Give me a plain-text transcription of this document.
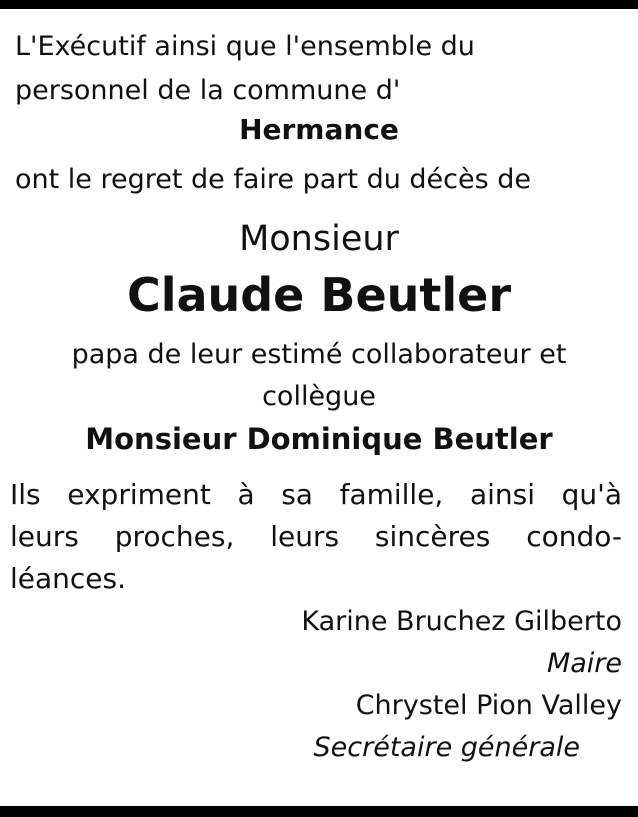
L'Exécutif ainsi que l'ensemble du
personnel de la commune d'
Hermance
ont le regret de faire part du décès de
Monsieur
Claude Beutler
papa de leur estimé collaborateur et
collègue
Monsieur Dominique Beutler
Ils expriment à sa famille, ainsi qu'à
leurs proches, leurs sincères condo-
léances.
Karine Bruchez Gilberto
Maire
Chrystel Pion Valley
Secrétaire générale
